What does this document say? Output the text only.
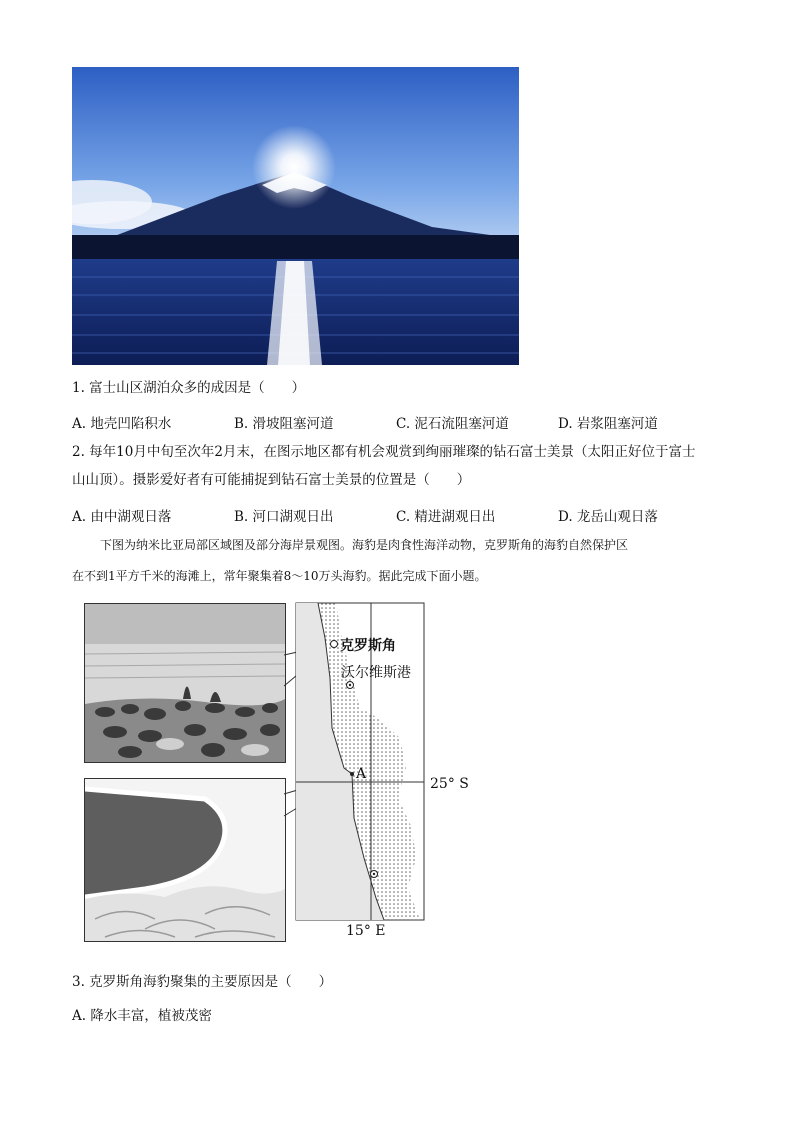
1. 富士山区湖泊众多的成因是（　　）
A. 地壳凹陷积水	B. 滑坡阻塞河道	C. 泥石流阻塞河道	D. 岩浆阻塞河道
2. 每年10月中旬至次年2月末，在图示地区都有机会观赏到绚丽璀璨的钻石富士美景（太阳正好位于富士
山山顶）。摄影爱好者有可能捕捉到钻石富士美景的位置是（　　）
A. 由中湖观日落	B. 河口湖观日出	C. 精进湖观日出	D. 龙岳山观日落
下图为纳米比亚局部区域图及部分海岸景观图。海豹是肉食性海洋动物，克罗斯角的海豹自然保护区
在不到1平方千米的海滩上，常年聚集着8～10万头海豹。据此完成下面小题。
克罗斯角
沃尔维斯港
A
25° S
15° E
3. 克罗斯角海豹聚集的主要原因是（　　）
A. 降水丰富，植被茂密
